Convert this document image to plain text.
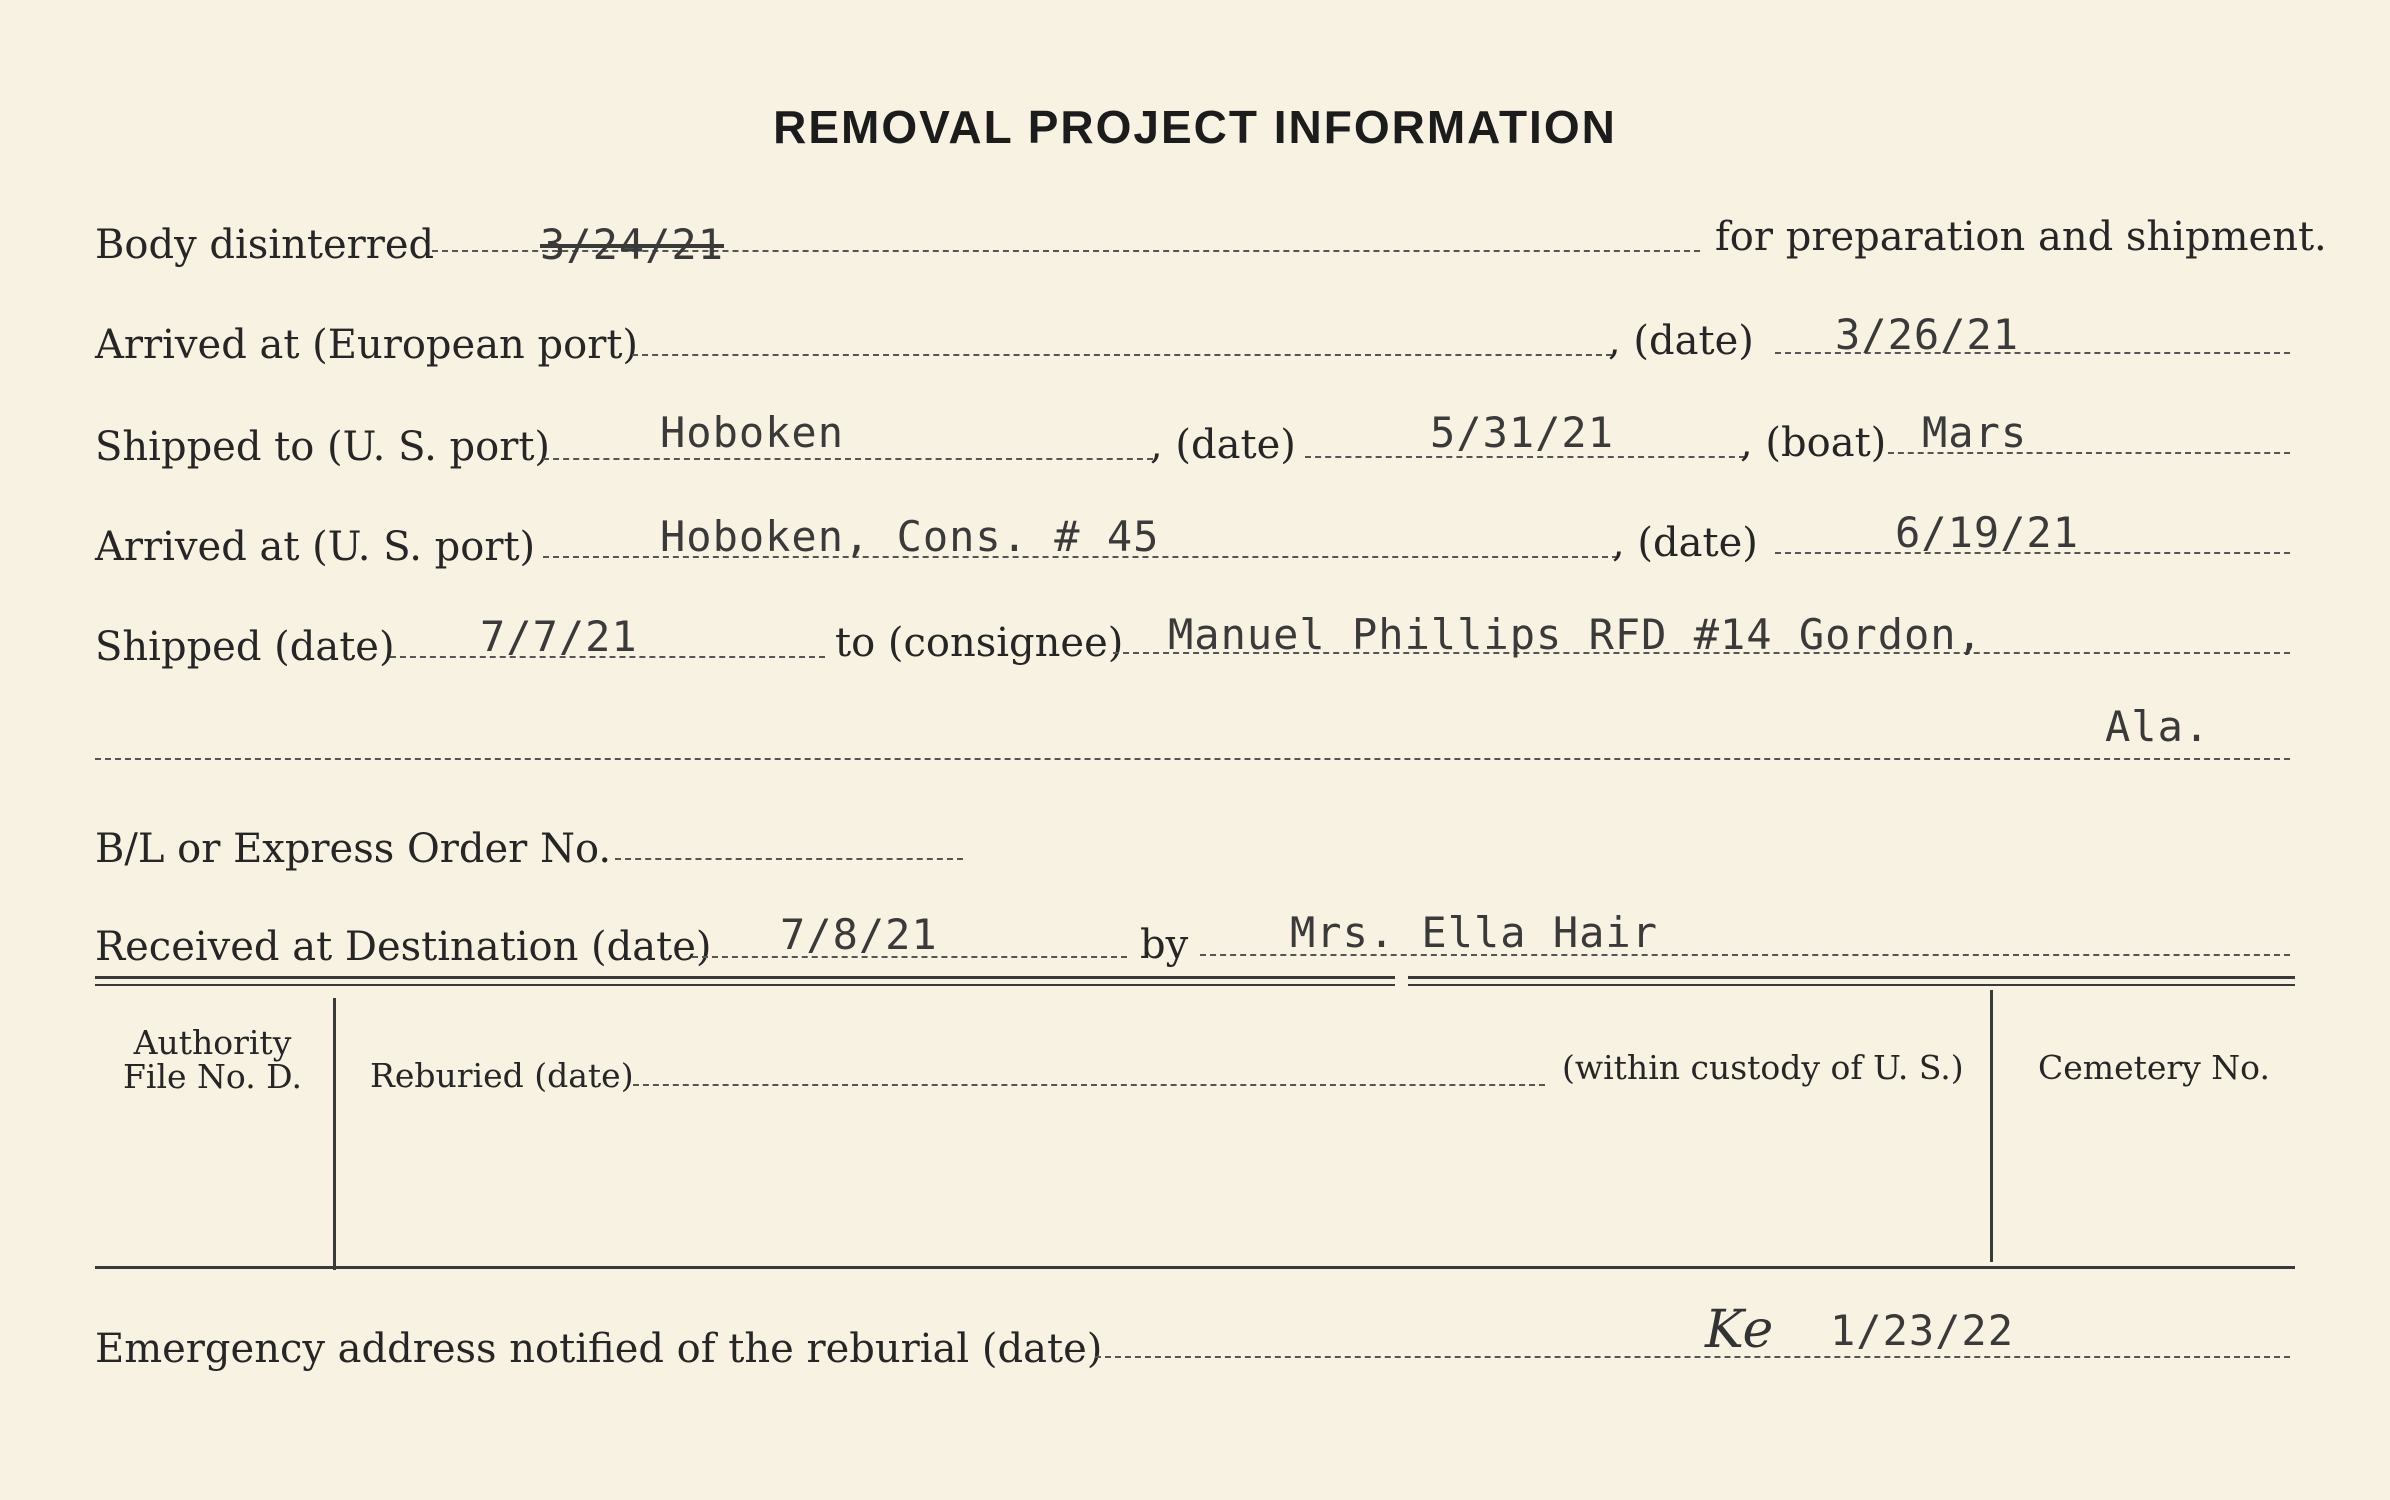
REMOVAL PROJECT INFORMATION
Body disinterred	3/24/21	for preparation and shipment.
Arrived at (European port)	, (date) 3/26/21
Shipped to (U. S. port)	Hoboken	, (date)	5/31/21	, (boat) Mars
Arrived at (U. S. port)	Hoboken, Cons. # 45	, (date)	6/19/21
Shipped (date) 7/7/21	to (consignee) Manuel Phillips RFD #14 Gordon,
Ala.
B/L or Express Order No.
Received at Destination (date) 7/8/21	by Mrs. Ella Hair
Authority
File No. D.	Reburied (date)	(within custody of U. S.) Cemetery No.
Emergency address notified of the reburial (date)	Ke 1/23/22
